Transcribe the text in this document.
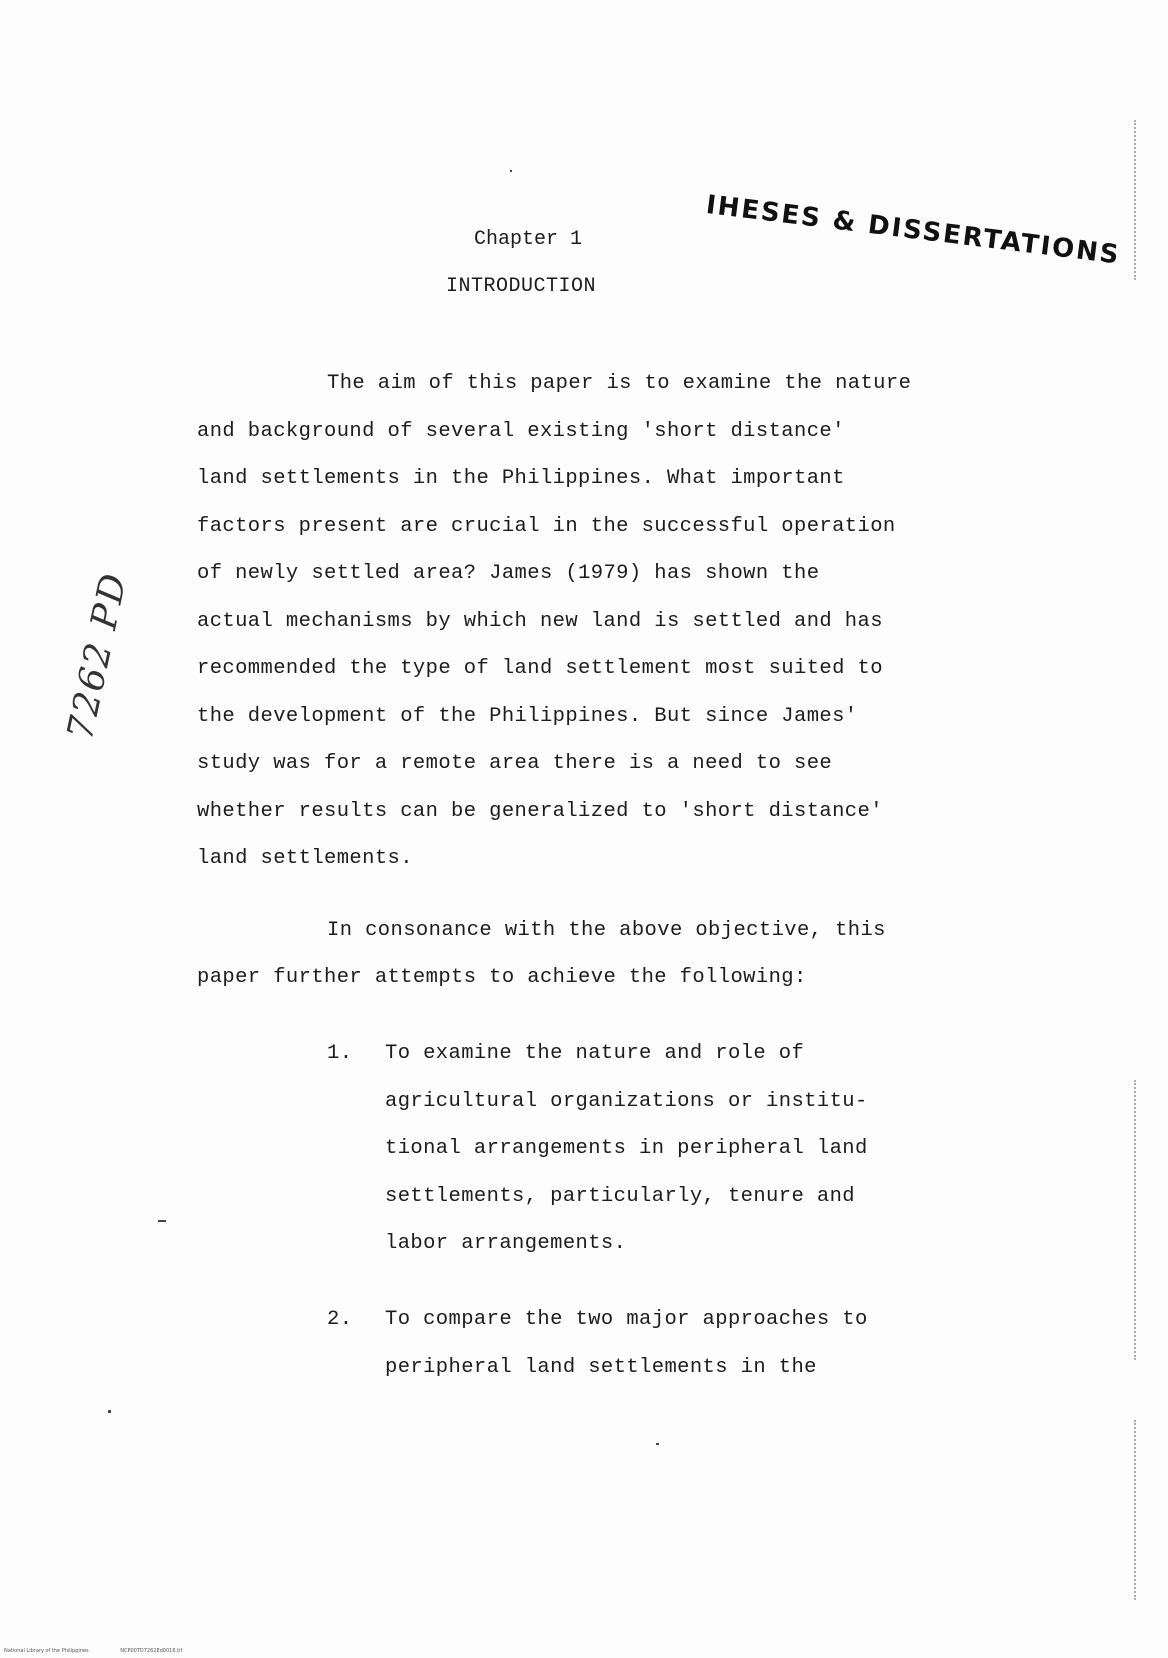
IHESES & DISSERTATIONS
Chapter 1
INTRODUCTION
The aim of this paper is to examine the nature
and background of several existing 'short distance'
land settlements in the Philippines. What important
factors present are crucial in the successful operation
of newly settled area? James (1979) has shown the
actual mechanisms by which new land is settled and has
recommended the type of land settlement most suited to
the development of the Philippines. But since James'
study was for a remote area there is a need to see
whether results can be generalized to 'short distance'
land settlements.
In consonance with the above objective, this
paper further attempts to achieve the following:
1. To examine the nature and role of
agricultural organizations or institu-
tional arrangements in peripheral land
settlements, particularly, tenure and
labor arrangements.
2. To compare the two major approaches to
peripheral land settlements in the
7262 PD
National Library of the Philippines	NCP00TD7262Ed0016.tif
